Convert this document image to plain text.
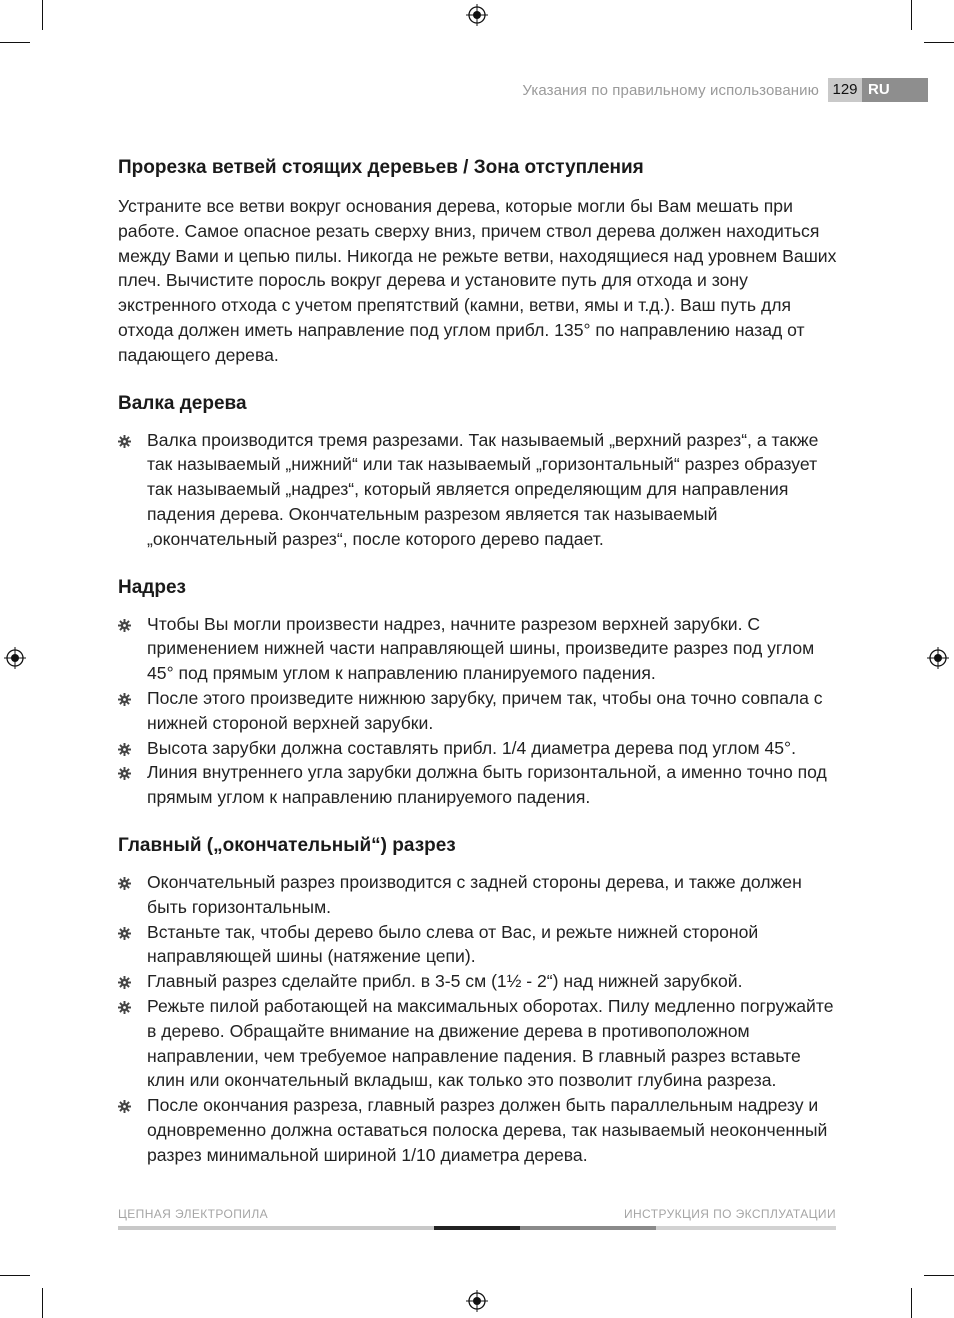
Указания по правильному использованию 129 RU
Прорезка ветвей стоящих деревьев / Зона отступления

Устраните все ветви вокруг основания дерева, которые могли бы Вам мешать при работе. Самое опасное резать сверху вниз, причем ствол дерева должен находиться между Вами и цепью пилы. Никогда не режьте ветви, находящиеся над уровнем Ваших плеч. Вычистите поросль вокруг дерева и установите путь для отхода и зону экстренного отхода с учетом препятствий (камни, ветви, ямы и т.д.). Ваш путь для отхода должен иметь направление под углом прибл. 135° по направлению назад от падающего дерева.

Валка дерева
Валка производится тремя разрезами. Так называемый „верхний разрез“, а также так называемый „нижний“ или так называемый „горизонтальный“ разрез образует так называемый „надрез“, который является определяющим для направления падения дерева. Окончательным разрезом является так называемый „окончательный разрез“, после которого дерево падает.
Надрез
Чтобы Вы могли произвести надрез, начните разрезом верхней зарубки. С применением нижней части направляющей шины, произведите разрез под углом 45° под прямым углом к направлению планируемого падения.
После этого произведите нижнюю зарубку, причем так, чтобы она точно совпала с нижней стороной верхней зарубки.
Высота зарубки должна составлять прибл. 1/4 диаметра дерева под углом 45°.
Линия внутреннего угла зарубки должна быть горизонтальной, а именно точно под прямым углом к направлению планируемого падения.
Главный („окончательный“) разрез
Окончательный разрез производится с задней стороны дерева, и также должен быть горизонтальным.
Встаньте так, чтобы дерево было слева от Вас, и режьте нижней стороной направляющей шины (натяжение цепи).
Главный разрез сделайте прибл. в 3-5 см (1½ - 2“) над нижней зарубкой.
Режьте пилой работающей на максимальных оборотах. Пилу медленно погружайте в дерево. Обращайте внимание на движение дерева в противоположном направлении, чем требуемое направление падения. В главный разрез вставьте клин или окончательный вкладыш, как только это позволит глубина разреза.
После окончания разреза, главный разрез должен быть параллельным надрезу и одновременно должна оставаться полоска дерева, так называемый неоконченный разрез минимальной шириной 1/10 диаметра дерева.
ЦЕПНАЯ ЭЛЕКТРОПИЛА	ИНСТРУКЦИЯ ПО ЭКСПЛУАТАЦИИ
